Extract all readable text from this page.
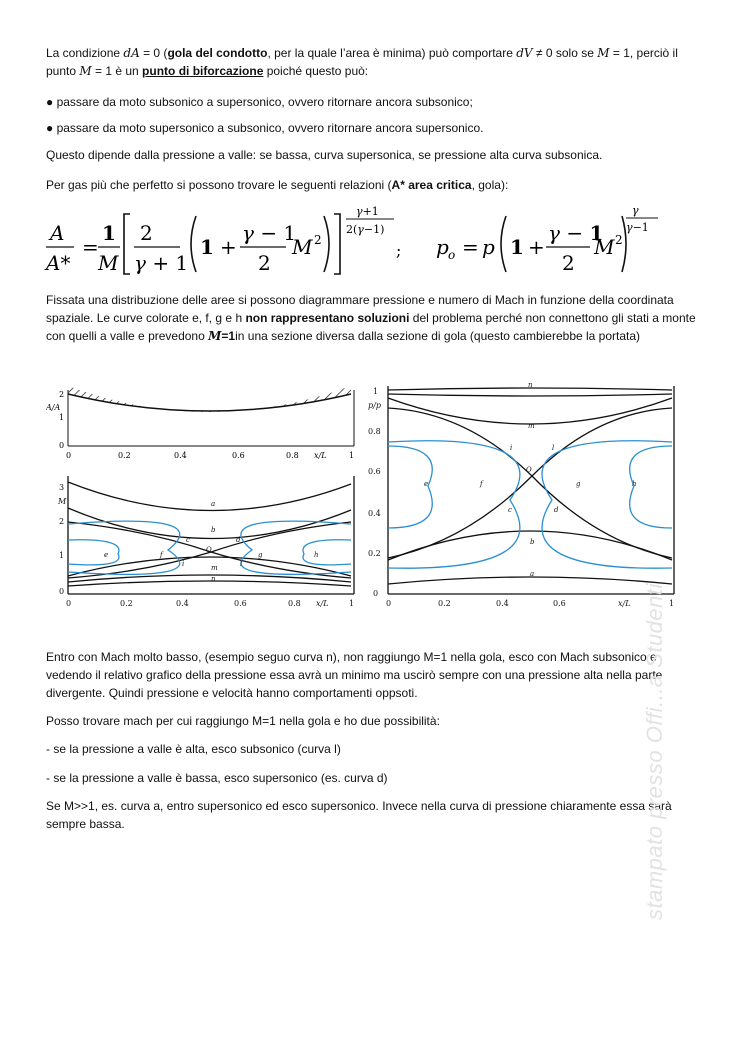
La condizione dA = 0 (gola del condotto, per la quale l’area è minima) può comportare dV ≠ 0 solo se M = 1, perciò il punto M = 1 è un punto di biforcazione poiché questo può:

● passare da moto subsonico a supersonico, ovvero ritornare ancora subsonico;

● passare da moto supersonico a subsonico, ovvero ritornare ancora supersonico.

Questo dipende dalla pressione a valle: se bassa, curva supersonica, se pressione alta curva subsonica.

Per gas più che perfetto si possono trovare le seguenti relazioni (A* area critica, gola):

A
A*
=
1
M
2
γ + 1
1 +
γ − 1
2
M 2
γ+1
2(γ−1)
; p o = p 1 +
γ − 1
2
M 2
γ
γ−1

Fissata una distribuzione delle aree si possono diagrammare pressione e numero di Mach in funzione della coordinata spaziale. Le curve colorate e, f, g e h non rappresentano soluzioni del problema perché non connettono gli stati a monte con quelli a valle e prevedono M=1in una sezione diversa dalla sezione di gola (questo cambierebbe la portata)

2
1
0
A/A
0	0.2	0.4	0.6	0.8 x/L	1
3
2
1
0
M
0	0.2	0.4	0.6	0.8 x/L	1
a
b
c	d
O
e	f	g	h
i	l
m
n
1
0.8
0.6
0.4
0.2
0
p/p
0	0.2	0.4	0.6	x/L	1
a
b
c	d
O
e	f	g	h
i	l
m
n

Entro con Mach molto basso, (esempio seguo curva n), non raggiungo M=1 nella gola, esco con Mach subsonico e vedendo il relativo grafico della pressione essa avrà un minimo ma uscirò sempre con una pressione alta nella parte divergente. Quindi pressione e velocità hanno comportamenti oppsoti.

Posso trovare mach per cui raggiungo M=1 nella gola e ho due possibilità:

- se la pressione a valle è alta, esco subsonico (curva l)

- se la pressione a valle è bassa, esco supersonico (es. curva d)

Se M>>1, es. curva a, entro supersonico ed esco supersonico. Invece nella curva di pressione chiaramente essa sarà sempre bassa.	stampato presso Offi...a Studenti
